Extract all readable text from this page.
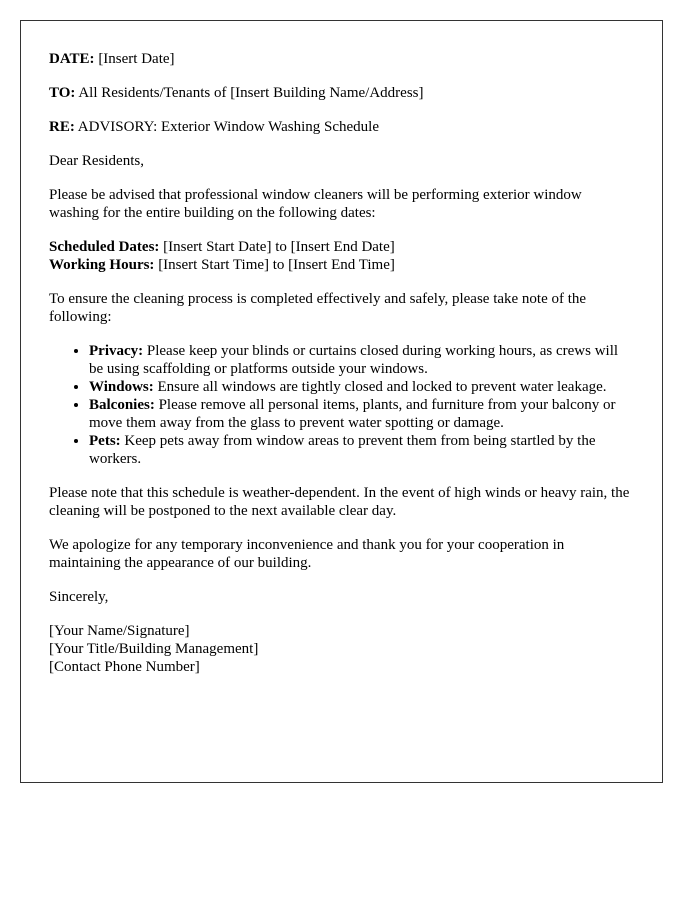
DATE: [Insert Date]

TO: All Residents/Tenants of [Insert Building Name/Address]

RE: ADVISORY: Exterior Window Washing Schedule

Dear Residents,

Please be advised that professional window cleaners will be performing exterior window washing for the entire building on the following dates:

Scheduled Dates: [Insert Start Date] to [Insert End Date]
Working Hours: [Insert Start Time] to [Insert End Time]

To ensure the cleaning process is completed effectively and safely, please take note of the following:

• Privacy: Please keep your blinds or curtains closed during working hours, as crews will be using scaffolding or platforms outside your windows.
• Windows: Ensure all windows are tightly closed and locked to prevent water leakage.
• Balconies: Please remove all personal items, plants, and furniture from your balcony or move them away from the glass to prevent water spotting or damage.
• Pets: Keep pets away from window areas to prevent them from being startled by the workers.

Please note that this schedule is weather-dependent. In the event of high winds or heavy rain, the cleaning will be postponed to the next available clear day.

We apologize for any temporary inconvenience and thank you for your cooperation in maintaining the appearance of our building.

Sincerely,

[Your Name/Signature]
[Your Title/Building Management]
[Contact Phone Number]
